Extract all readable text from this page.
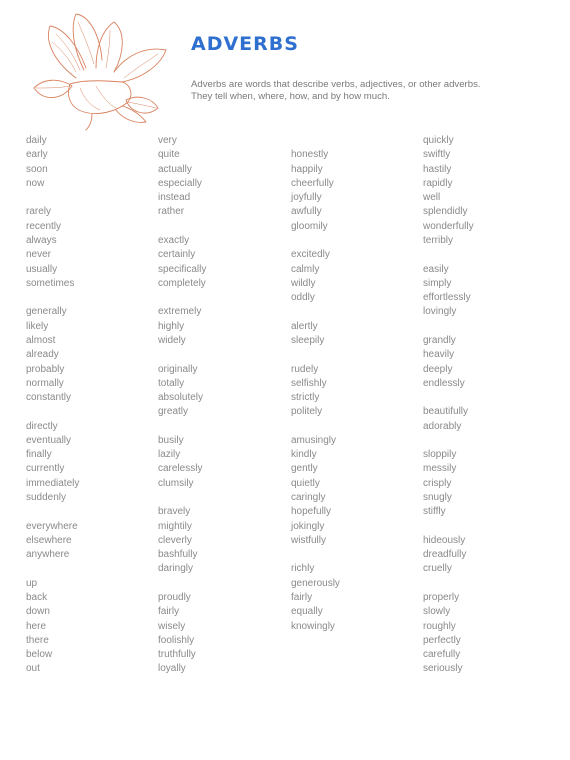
ADVERBS

Adverbs are words that describe verbs, adjectives, or other adverbs.
They tell when, where, how, and by how much.

daily
early
soon
now
rarely
recently
always
never
usually
sometimes
generally
likely
almost
already
probably
normally
constantly
directly
eventually
finally
currently
immediately
suddenly
everywhere
elsewhere
anywhere
up
back
down
here
there
below
out
very
quite
actually
especially
instead
rather
exactly
certainly
specifically
completely
extremely
highly
widely
originally
totally
absolutely
greatly
busily
lazily
carelessly
clumsily
bravely
mightily
cleverly
bashfully
daringly
proudly
fairly
wisely
foolishly
truthfully
loyally
honestly
happily
cheerfully
joyfully
awfully
gloomily
excitedly
calmly
wildly
oddly
alertly
sleepily
rudely
selfishly
strictly
politely
amusingly
kindly
gently
quietly
caringly
hopefully
jokingly
wistfully
richly
generously
fairly
equally
knowingly
quickly
swiftly
hastily
rapidly
well
splendidly
wonderfully
terribly
easily
simply
effortlessly
lovingly
grandly
heavily
deeply
endlessly
beautifully
adorably
sloppily
messily
crisply
snugly
stiffly
hideously
dreadfully
cruelly
properly
slowly
roughly
perfectly
carefully
seriously
